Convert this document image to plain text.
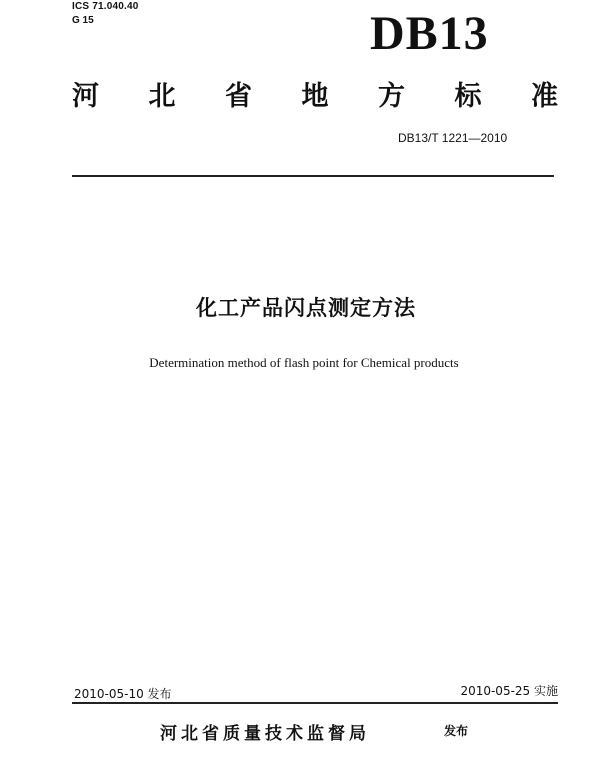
ICS 71.040.40
G 15	DB13
河 北 省 地 方 标 准
DB13/T 1221—2010
化工产品闪点测定方法
Determination method of flash point for Chemical products
2010-05-10 发布	2010-05-25 实施
河北省质量技术监督局	发布
